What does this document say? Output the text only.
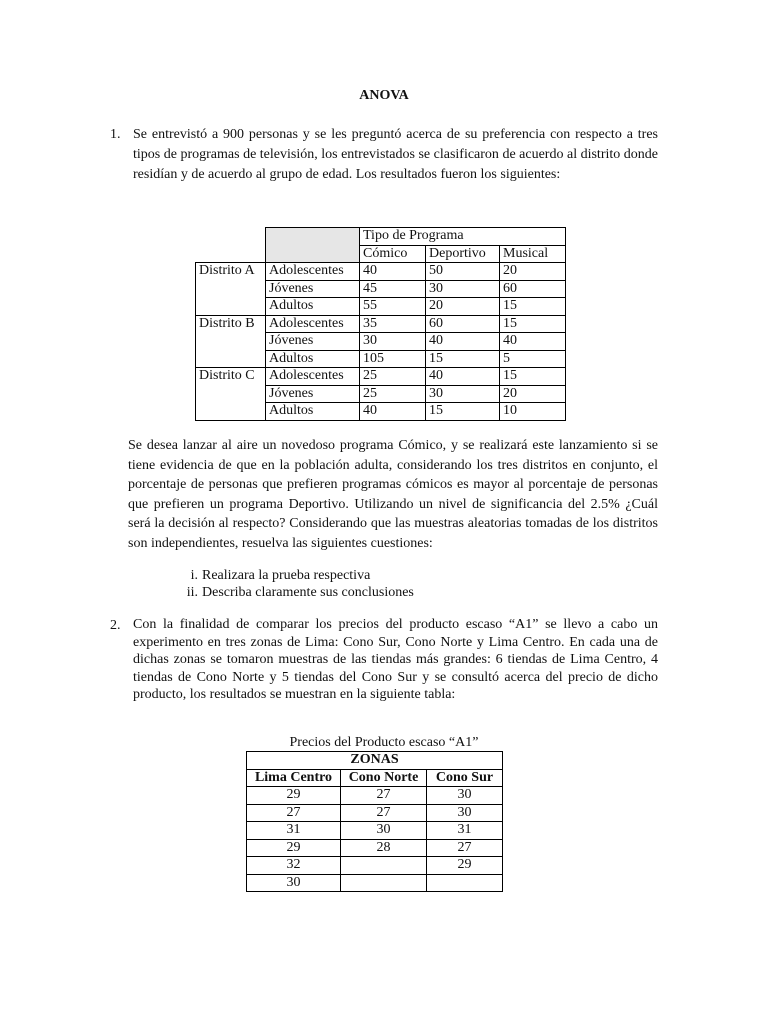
ANOVA
1. Se entrevistó a 900 personas y se les preguntó acerca de su preferencia con respecto a tres tipos de programas de televisión, los entrevistados se clasificaron de acuerdo al distrito donde residían y de acuerdo al grupo de edad. Los resultados fueron los siguientes:
		Tipo de Programa		
		Cómico	Deportivo	Musical
Distrito A	Adolescentes	40	50	20
	Jóvenes	45	30	60
	Adultos	55	20	15
Distrito B	Adolescentes	35	60	15
	Jóvenes	30	40	40
	Adultos	105	15	5
Distrito C	Adolescentes	25	40	15
	Jóvenes	25	30	20
	Adultos	40	15	10
Se desea lanzar al aire un novedoso programa Cómico, y se realizará este lanzamiento si se tiene evidencia de que en la población adulta, considerando los tres distritos en conjunto, el porcentaje de personas que prefieren programas cómicos es mayor al porcentaje de personas que prefieren un programa Deportivo. Utilizando un nivel de significancia del 2.5% ¿Cuál será la decisión al respecto? Considerando que las muestras aleatorias tomadas de los distritos son independientes, resuelva las siguientes cuestiones:
i. Realizara la prueba respectiva
ii. Describa claramente sus conclusiones
2. Con la finalidad de comparar los precios del producto escaso “A1” se llevo a cabo un experimento en tres zonas de Lima: Cono Sur, Cono Norte y Lima Centro. En cada una de dichas zonas se tomaron muestras de las tiendas más grandes: 6 tiendas de Lima Centro, 4 tiendas de Cono Norte y 5 tiendas del Cono Sur y se consultó acerca del precio de dicho producto, los resultados se muestran en la siguiente tabla:
Precios del Producto escaso “A1”
ZONAS		
Lima Centro	Cono Norte	Cono Sur
29	27	30
27	27	30
31	30	31
29	28	27
32		29
30		
